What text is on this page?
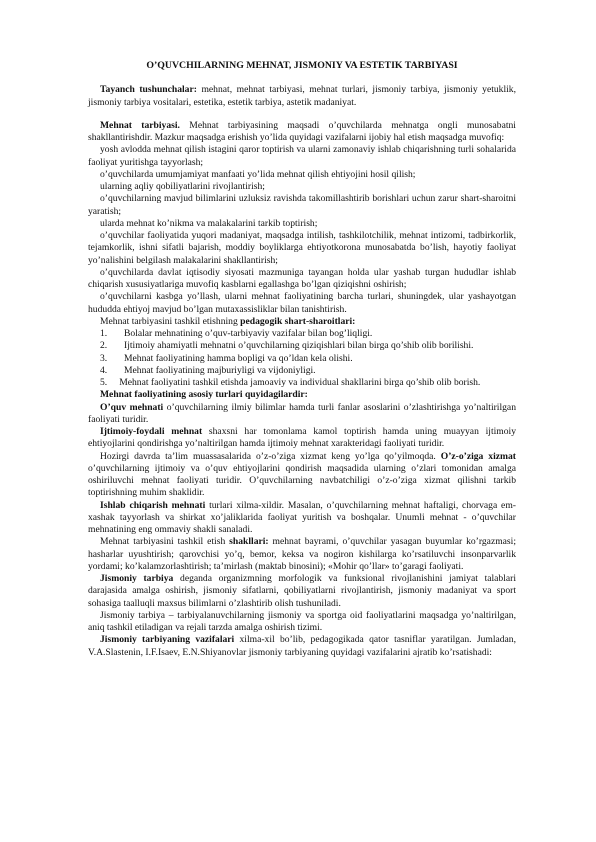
O’QUVCHILARNING MEHNAT, JISMONIY VA ESTETIK TARBIYASI

Tayanch tushunchalar: mehnat, mehnat tarbiyasi, mehnat turlari, jismoniy tarbiya, jismoniy yetuklik, jismoniy tarbiya vositalari, estetika, estetik tarbiya, astetik madaniyat.

Mehnat tarbiyasi. Mehnat tarbiyasining maqsadi o’quvchilarda mehnatga ongli munosabatni shakllantirishdir. Mazkur maqsadga erishish yo’lida quyidagi vazifalarni ijobiy hal etish maqsadga muvofiq:

yosh avlodda mehnat qilish istagini qaror toptirish va ularni zamonaviy ishlab chiqarishning turli sohalarida faoliyat yuritishga tayyorlash;

o’quvchilarda umumjamiyat manfaati yo’lida mehnat qilish ehtiyojini hosil qilish;

ularning aqliy qobiliyatlarini rivojlantirish;

o’quvchilarning mavjud bilimlarini uzluksiz ravishda takomillashtirib borishlari uchun zarur shart-sharoitni yaratish;

ularda mehnat ko’nikma va malakalarini tarkib toptirish;

o’quvchilar faoliyatida yuqori madaniyat, maqsadga intilish, tashkilotchilik, mehnat intizomi, tadbirkorlik, tejamkorlik, ishni sifatli bajarish, moddiy boyliklarga ehtiyotkorona munosabatda bo’lish, hayotiy faoliyat yo’nalishini belgilash malakalarini shakllantirish;

o’quvchilarda davlat iqtisodiy siyosati mazmuniga tayangan holda ular yashab turgan hududlar ishlab chiqarish xususiyatlariga muvofiq kasblarni egallashga bo’lgan qiziqishni oshirish;

o’quvchilarni kasbga yo’llash, ularni mehnat faoliyatining barcha turlari, shuningdek, ular yashayotgan hududda ehtiyoj mavjud bo’lgan mutaxassisliklar bilan tanishtirish.

Mehnat tarbiyasini tashkil etishning pedagogik shart-sharoitlari:

1.	Bolalar mehnatining o’quv-tarbiyaviy vazifalar bilan bog’liqligi.

2.	Ijtimoiy ahamiyatli mehnatni o’quvchilarning qiziqishlari bilan birga qo’shib olib borilishi.

3.	Mehnat faoliyatining hamma bopligi va qo’ldan kela olishi.

4.	Mehnat faoliyatining majburiyligi va vijdoniyligi.

5. Mehnat faoliyatini tashkil etishda jamoaviy va individual shakllarini birga qo’shib olib borish.

Mehnat faoliyatining asosiy turlari quyidagilardir:

O’quv mehnati o’quvchilarning ilmiy bilimlar hamda turli fanlar asoslarini o’zlashtirishga yo’naltirilgan faoliyati turidir.

Ijtimoiy-foydali mehnat shaxsni har tomonlama kamol toptirish hamda uning muayyan ijtimoiy ehtiyojlarini qondirishga yo’naltirilgan hamda ijtimoiy mehnat xarakteridagi faoliyati turidir.

Hozirgi davrda ta’lim muassasalarida o’z-o’ziga xizmat keng yo’lga qo’yilmoqda. O’z-o’ziga xizmat o’quvchilarning ijtimoiy va o’quv ehtiyojlarini qondirish maqsadida ularning o’zlari tomonidan amalga oshiriluvchi mehnat faoliyati turidir. O’quvchilarning navbatchiligi o’z-o’ziga xizmat qilishni tarkib toptirishning muhim shaklidir.

Ishlab chiqarish mehnati turlari xilma-xildir. Masalan, o’quvchilarning mehnat haftaligi, chorvaga em-xashak tayyorlash va shirkat xo’jaliklarida faoliyat yuritish va boshqalar. Unumli mehnat - o’quvchilar mehnatining eng ommaviy shakli sanaladi.

Mehnat tarbiyasini tashkil etish shakllari: mehnat bayrami, o’quvchilar yasagan buyumlar ko’rgazmasi; hasharlar uyushtirish; qarovchisi yo’q, bemor, keksa va nogiron kishilarga ko’rsatiluvchi insonparvarlik yordami; ko’kalamzorlashtirish; ta’mirlash (maktab binosini); «Mohir qo’llar» to’garagi faoliyati.

Jismoniy tarbiya deganda organizmning morfologik va funksional rivojlanishini jamiyat talablari darajasida amalga oshirish, jismoniy sifatlarni, qobiliyatlarni rivojlantirish, jismoniy madaniyat va sport sohasiga taalluqli maxsus bilimlarni o’zlashtirib olish tushuniladi.

Jismoniy tarbiya – tarbiyalanuvchilarning jismoniy va sportga oid faoliyatlarini maqsadga yo’naltirilgan, aniq tashkil etiladigan va rejali tarzda amalga oshirish tizimi.

Jismoniy tarbiyaning vazifalari xilma-xil bo’lib, pedagogikada qator tasniflar yaratilgan. Jumladan, V.A.Slastenin, I.F.Isaev, E.N.Shiyanovlar jismoniy tarbiyaning quyidagi vazifalarini ajratib ko’rsatishadi:
